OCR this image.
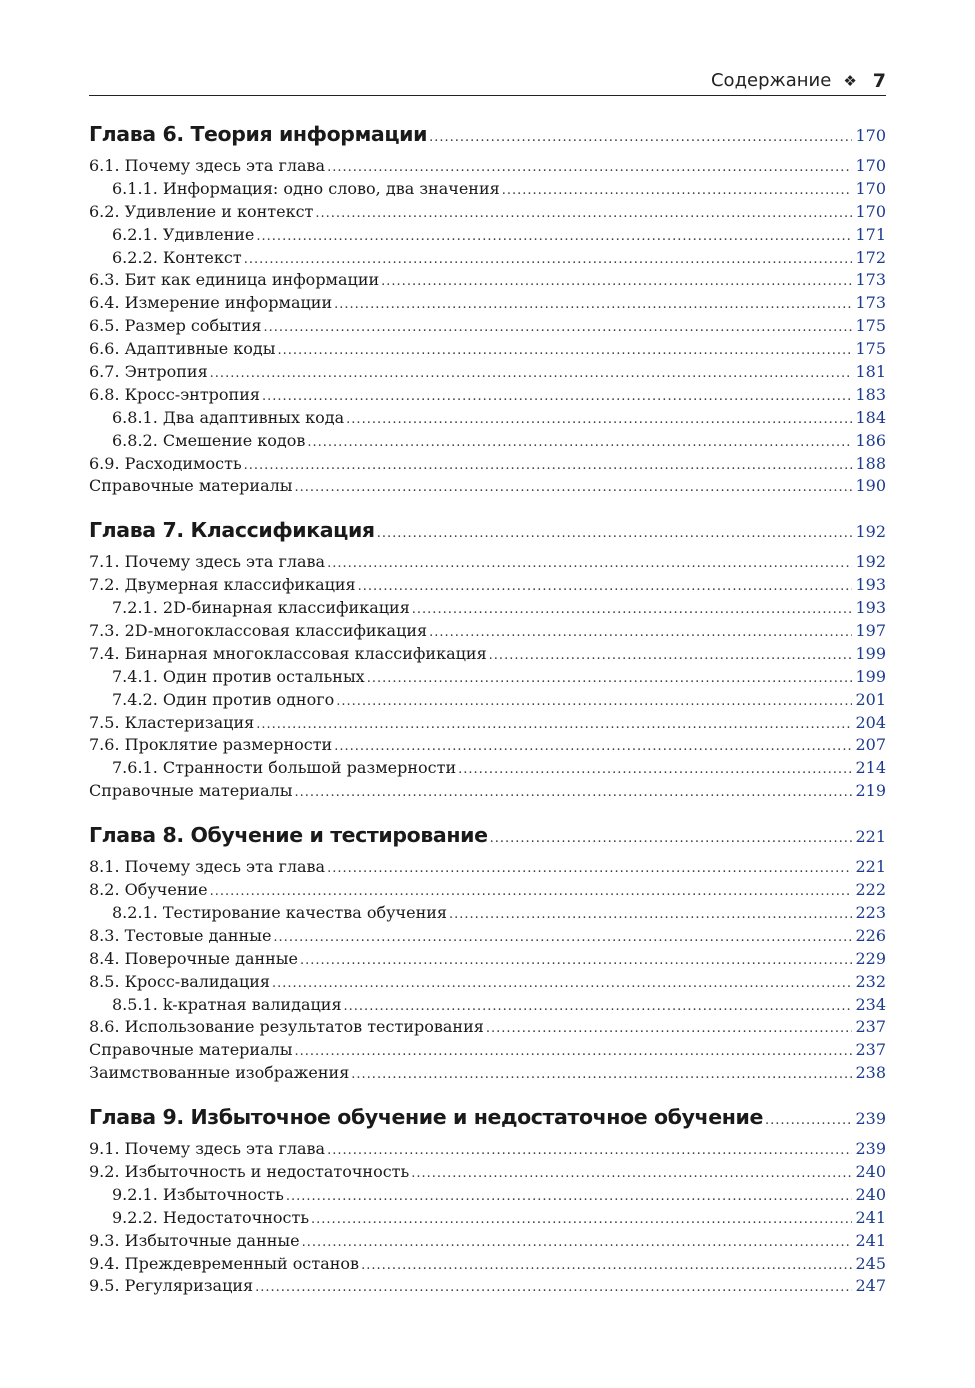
Содержание ❖ 7
Глава 6. Теория информации .....	170
6.1. Почему здесь эта глава .....	170
6.1.1. Информация: одно слово, два значения .....	170
6.2. Удивление и контекст .....	170
6.2.1. Удивление .....	171
6.2.2. Контекст .....	172
6.3. Бит как единица информации .....	173
6.4. Измерение информации .....	173
6.5. Размер события .....	175
6.6. Адаптивные коды .....	175
6.7. Энтропия .....	181
6.8. Кросс-энтропия .....	183
6.8.1. Два адаптивных кода .....	184
6.8.2. Смешение кодов .....	186
6.9. Расходимость .....	188
Справочные материалы .....	190
Глава 7. Классификация .....	192
7.1. Почему здесь эта глава .....	192
7.2. Двумерная классификация .....	193
7.2.1. 2D-бинарная классификация .....	193
7.3. 2D-многоклассовая классификация .....	197
7.4. Бинарная многоклассовая классификация .....	199
7.4.1. Один против остальных .....	199
7.4.2. Один против одного .....	201
7.5. Кластеризация .....	204
7.6. Проклятие размерности .....	207
7.6.1. Странности большой размерности .....	214
Справочные материалы .....	219
Глава 8. Обучение и тестирование .....	221
8.1. Почему здесь эта глава .....	221
8.2. Обучение .....	222
8.2.1. Тестирование качества обучения .....	223
8.3. Тестовые данные .....	226
8.4. Поверочные данные .....	229
8.5. Кросс-валидация .....	232
8.5.1. k-кратная валидация .....	234
8.6. Использование результатов тестирования .....	237
Справочные материалы .....	237
Заимствованные изображения .....	238
Глава 9. Избыточное обучение и недостаточное обучение .....	239
9.1. Почему здесь эта глава .....	239
9.2. Избыточность и недостаточность .....	240
9.2.1. Избыточность .....	240
9.2.2. Недостаточность .....	241
9.3. Избыточные данные .....	241
9.4. Преждевременный останов .....	245
9.5. Регуляризация .....	247
